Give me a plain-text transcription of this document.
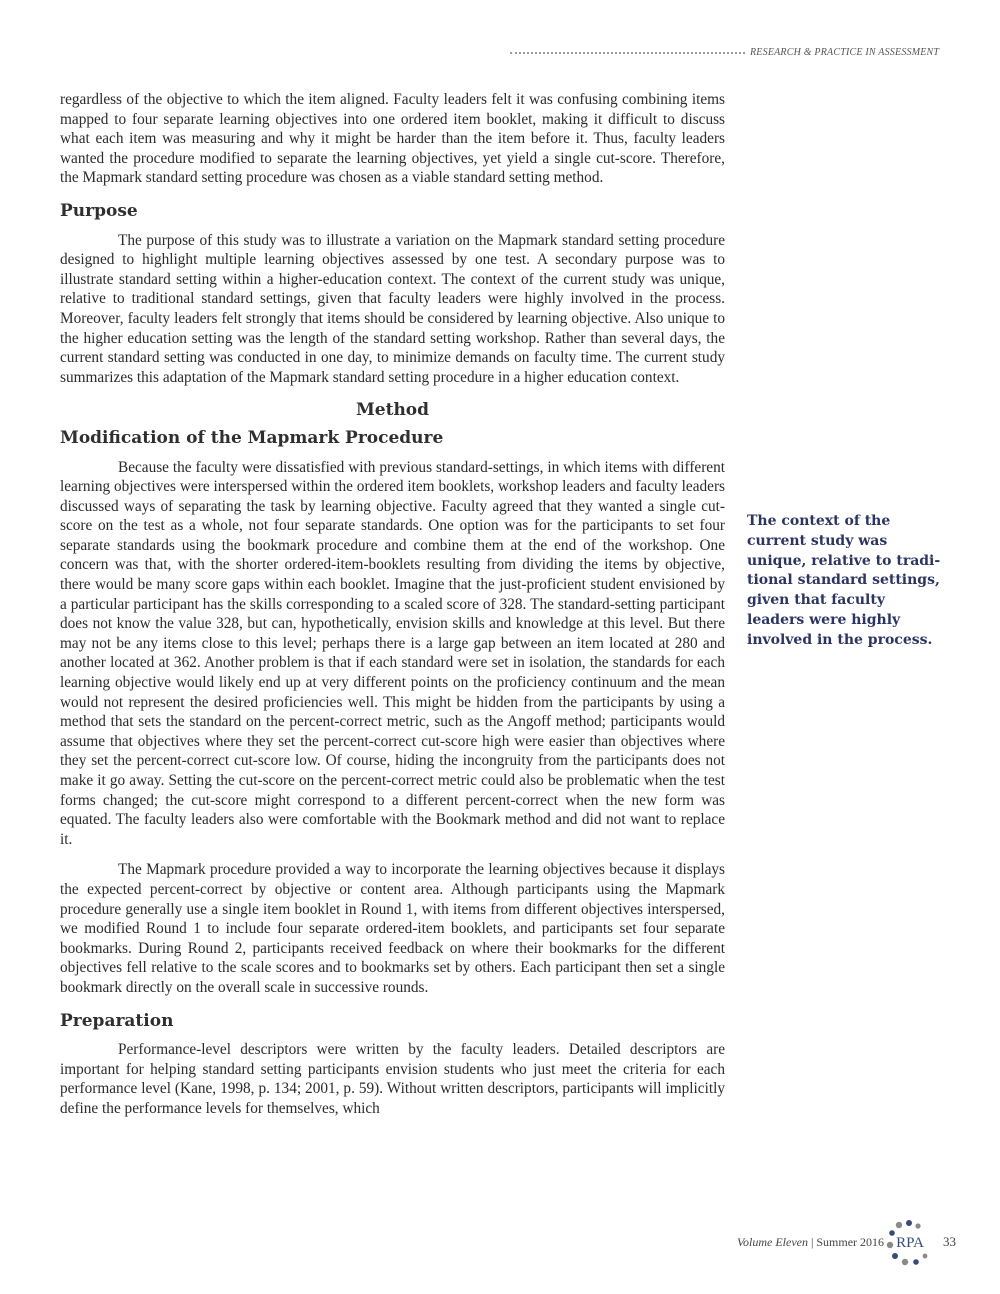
RESEARCH & PRACTICE IN ASSESSMENT

regardless of the objective to which the item aligned. Faculty leaders felt it was confusing combining items mapped to four separate learning objectives into one ordered item booklet, making it difficult to discuss what each item was measuring and why it might be harder than the item before it. Thus, faculty leaders wanted the procedure modified to separate the learning objectives, yet yield a single cut-score. Therefore, the Mapmark standard setting procedure was chosen as a viable standard setting method.

Purpose

The purpose of this study was to illustrate a variation on the Mapmark standard setting procedure designed to highlight multiple learning objectives assessed by one test. A secondary purpose was to illustrate standard setting within a higher-education context. The context of the current study was unique, relative to traditional standard settings, given that faculty leaders were highly involved in the process. Moreover, faculty leaders felt strongly that items should be considered by learning objective. Also unique to the higher education setting was the length of the standard setting workshop. Rather than several days, the current standard setting was conducted in one day, to minimize demands on faculty time. The current study summarizes this adaptation of the Mapmark standard setting procedure in a higher education context.

Method
Modification of the Mapmark Procedure

Because the faculty were dissatisfied with previous standard-settings, in which items with different learning objectives were interspersed within the ordered item booklets, workshop leaders and faculty leaders discussed ways of separating the task by learning objective. Faculty agreed that they wanted a single cut-score on the test as a whole, not four separate standards. One option was for the participants to set four separate standards using the bookmark procedure and combine them at the end of the workshop. One concern was that, with the shorter ordered-item-booklets resulting from dividing the items by objective, there would be many score gaps within each booklet. Imagine that the just-proficient student envisioned by a particular participant has the skills corresponding to a scaled score of 328. The standard-setting participant does not know the value 328, but can, hypothetically, envision skills and knowledge at this level. But there may not be any items close to this level; perhaps there is a large gap between an item located at 280 and another located at 362. Another problem is that if each standard were set in isolation, the standards for each learning objective would likely end up at very different points on the proficiency continuum and the mean would not represent the desired proficiencies well. This might be hidden from the participants by using a method that sets the standard on the percent-correct metric, such as the Angoff method; participants would assume that objectives where they set the percent-correct cut-score high were easier than objectives where they set the percent-correct cut-score low. Of course, hiding the incongruity from the participants does not make it go away. Setting the cut-score on the percent-correct metric could also be problematic when the test forms changed; the cut-score might correspond to a different percent-correct when the new form was equated. The faculty leaders also were comfortable with the Bookmark method and did not want to replace it.

The Mapmark procedure provided a way to incorporate the learning objectives because it displays the expected percent-correct by objective or content area. Although participants using the Mapmark procedure generally use a single item booklet in Round 1, with items from different objectives interspersed, we modified Round 1 to include four separate ordered-item booklets, and participants set four separate bookmarks. During Round 2, participants received feedback on where their bookmarks for the different objectives fell relative to the scale scores and to bookmarks set by others. Each participant then set a single bookmark directly on the overall scale in successive rounds.

Preparation

Performance-level descriptors were written by the faculty leaders. Detailed descriptors are important for helping standard setting participants envision students who just meet the criteria for each performance level (Kane, 1998, p. 134; 2001, p. 59). Without written descriptors, participants will implicitly define the performance levels for themselves, which

The context of the current study was unique, relative to tradi-tional standard settings, given that faculty leaders were highly involved in the process.
Volume Eleven | Summer 2016 RPA 33
